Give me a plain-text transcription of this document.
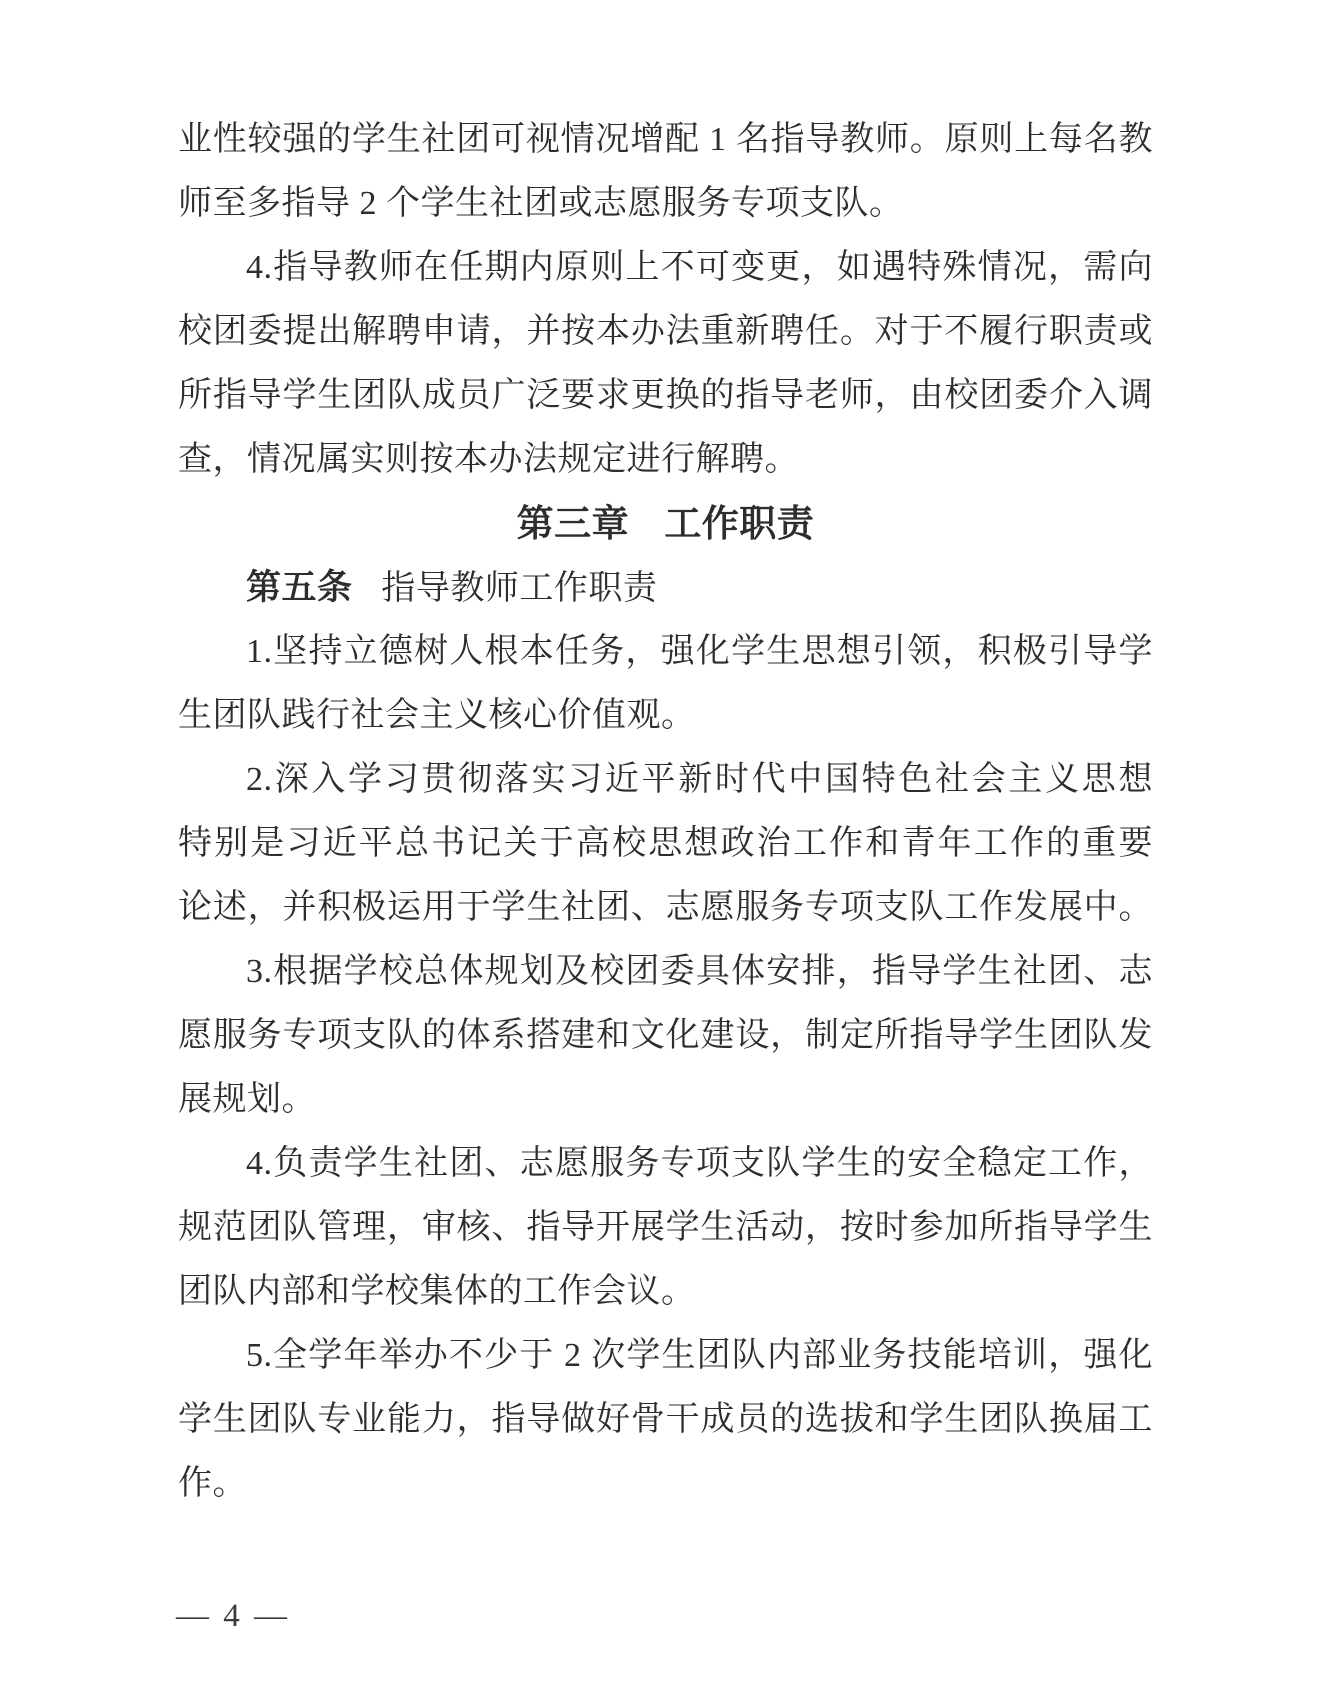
业性较强的学生社团可视情况增配 1 名指导教师。原则上每名教
师至多指导 2 个学生社团或志愿服务专项支队。
4.指导教师在任期内原则上不可变更，如遇特殊情况，需向
校团委提出解聘申请，并按本办法重新聘任。对于不履行职责或
所指导学生团队成员广泛要求更换的指导老师，由校团委介入调
查，情况属实则按本办法规定进行解聘。
第三章 工作职责
第五条 指导教师工作职责
1.坚持立德树人根本任务，强化学生思想引领，积极引导学
生团队践行社会主义核心价值观。
2.深入学习贯彻落实习近平新时代中国特色社会主义思想
特别是习近平总书记关于高校思想政治工作和青年工作的重要
论述，并积极运用于学生社团、志愿服务专项支队工作发展中。
3.根据学校总体规划及校团委具体安排，指导学生社团、志
愿服务专项支队的体系搭建和文化建设，制定所指导学生团队发
展规划。
4.负责学生社团、志愿服务专项支队学生的安全稳定工作，
规范团队管理，审核、指导开展学生活动，按时参加所指导学生
团队内部和学校集体的工作会议。
5.全学年举办不少于 2 次学生团队内部业务技能培训，强化
学生团队专业能力，指导做好骨干成员的选拔和学生团队换届工
作。
— 4 —
